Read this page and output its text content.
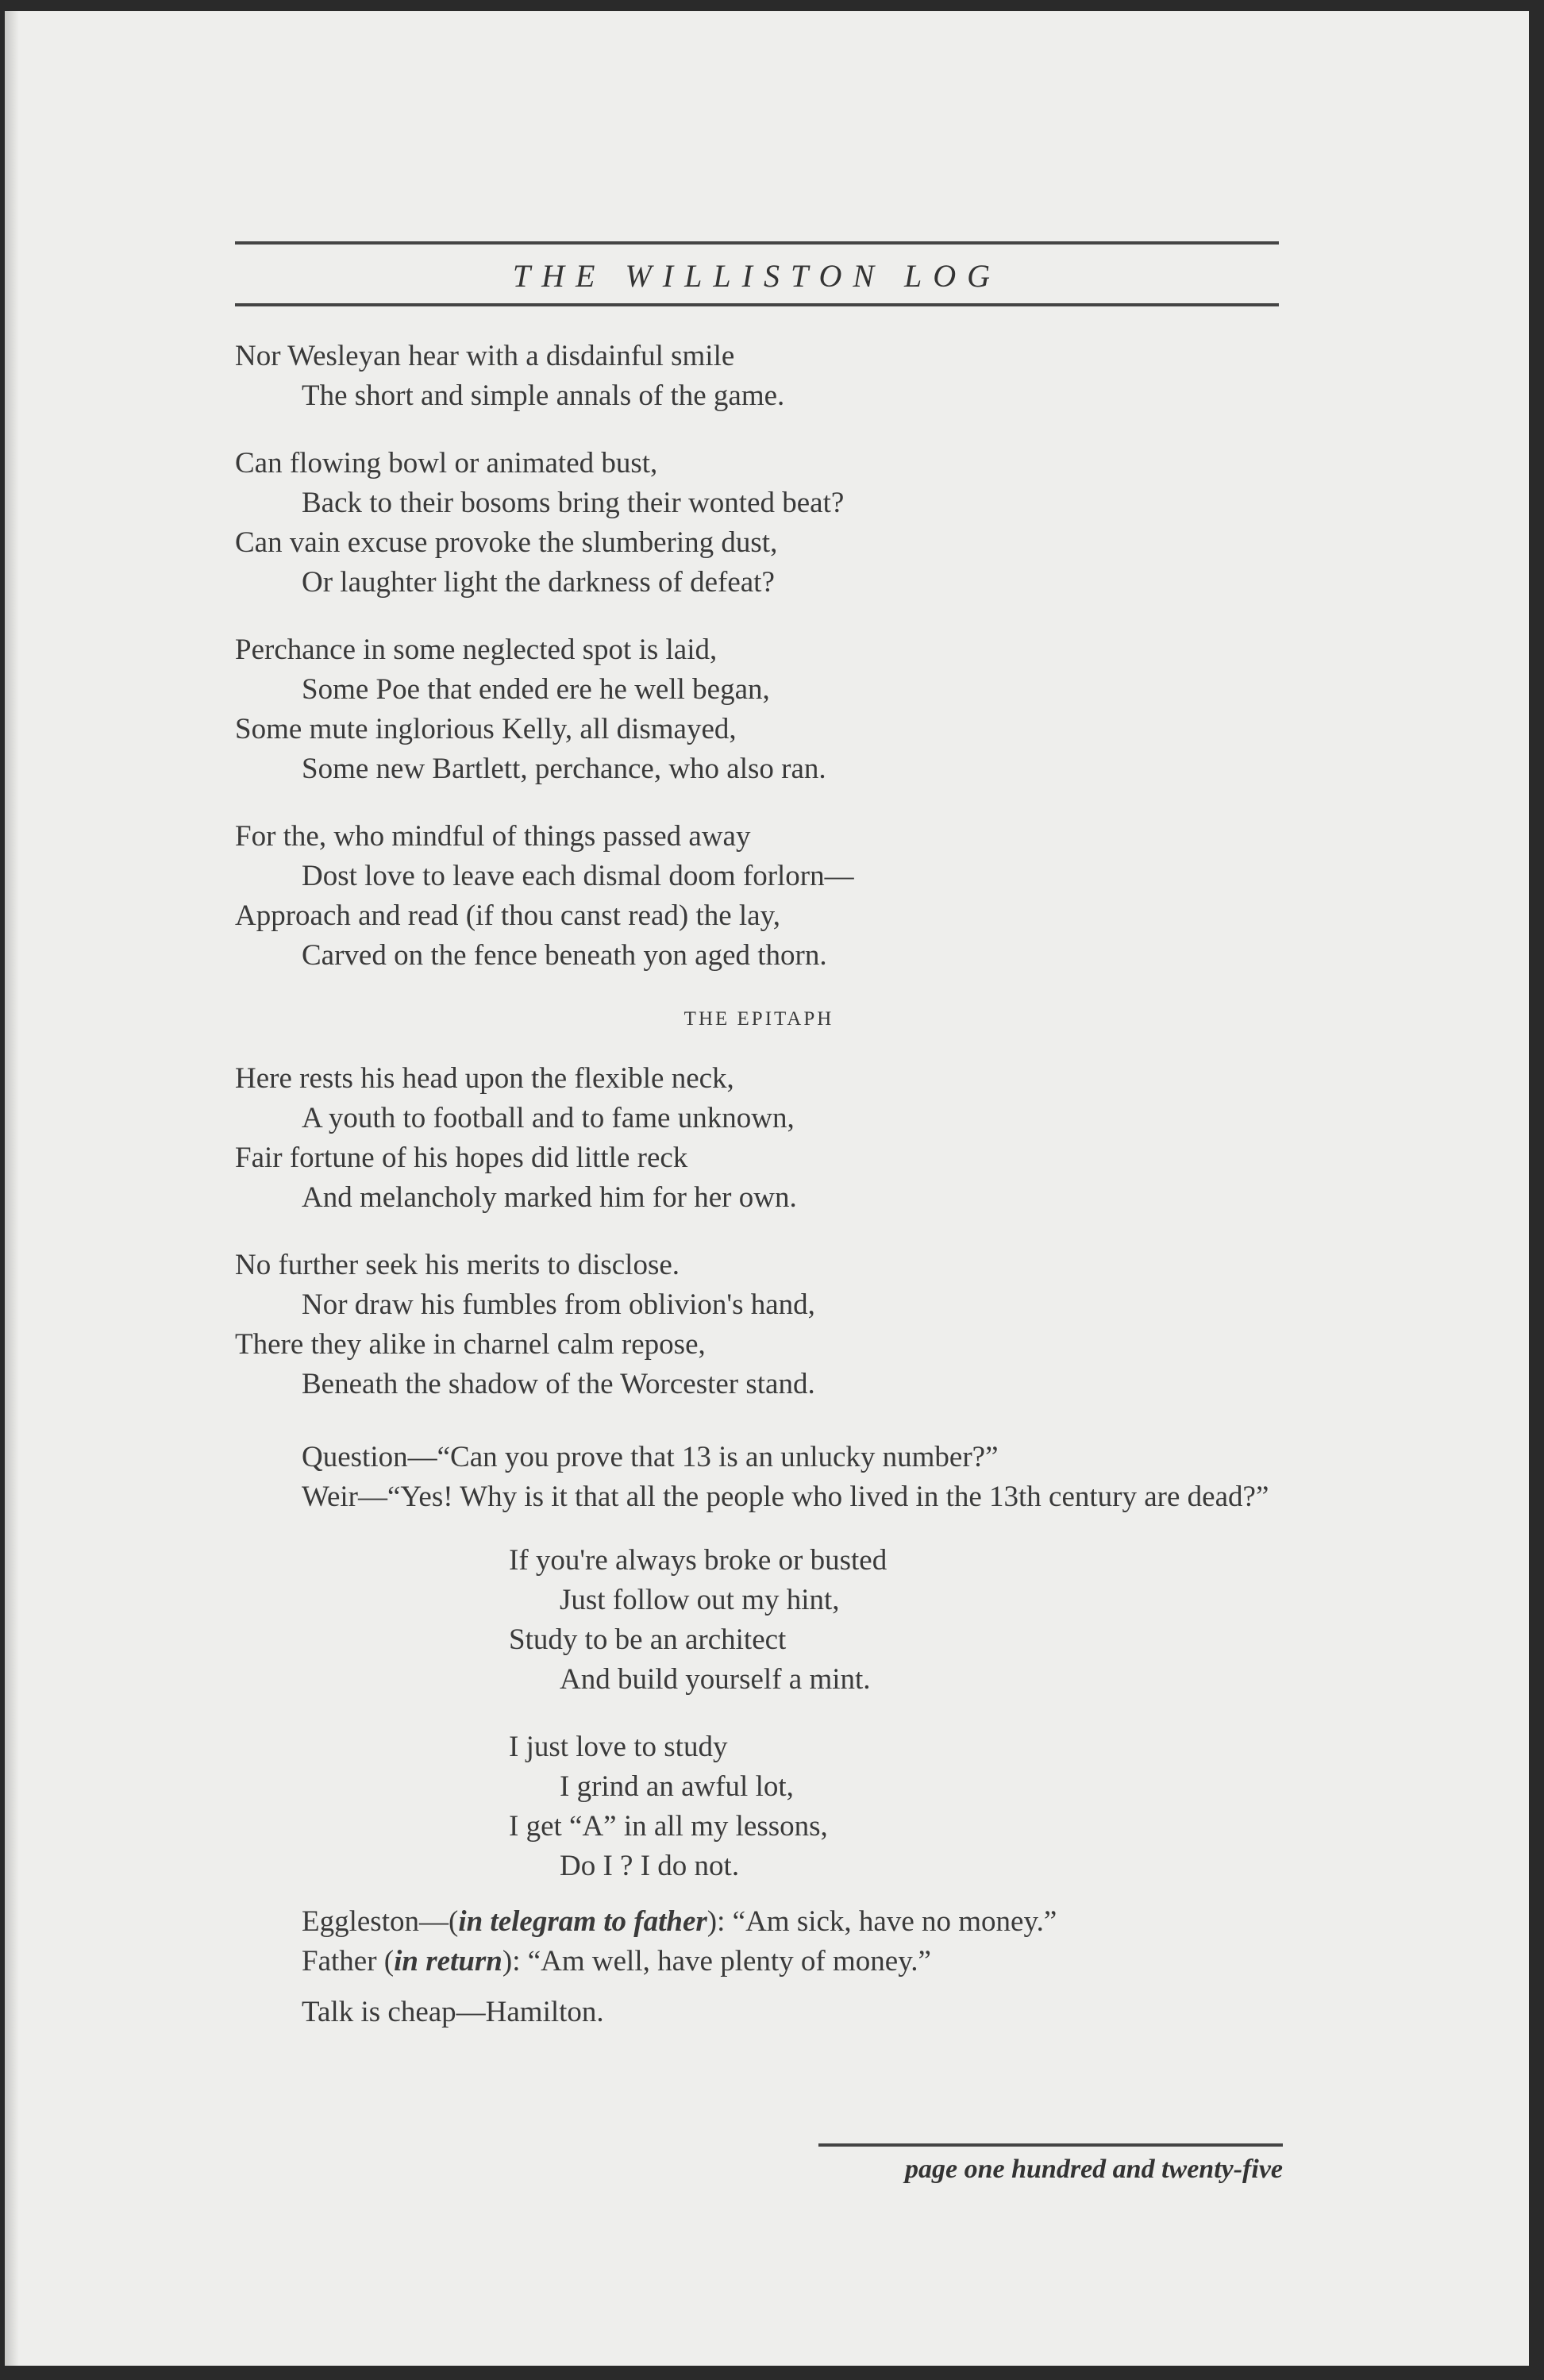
THE WILLISTON LOG
Nor Wesleyan hear with a disdainful smile
The short and simple annals of the game.
Can flowing bowl or animated bust,
Back to their bosoms bring their wonted beat?
Can vain excuse provoke the slumbering dust,
Or laughter light the darkness of defeat?
Perchance in some neglected spot is laid,
Some Poe that ended ere he well began,
Some mute inglorious Kelly, all dismayed,
Some new Bartlett, perchance, who also ran.
For the, who mindful of things passed away
Dost love to leave each dismal doom forlorn—
Approach and read (if thou canst read) the lay,
Carved on the fence beneath yon aged thorn.
THE EPITAPH
Here rests his head upon the flexible neck,
A youth to football and to fame unknown,
Fair fortune of his hopes did little reck
And melancholy marked him for her own.
No further seek his merits to disclose.
Nor draw his fumbles from oblivion's hand,
There they alike in charnel calm repose,
Beneath the shadow of the Worcester stand.
Question—“Can you prove that 13 is an unlucky number?”
Weir—“Yes! Why is it that all the people who lived in the 13th century are dead?”
If you're always broke or busted
Just follow out my hint,
Study to be an architect
And build yourself a mint.
I just love to study
I grind an awful lot,
I get “A” in all my lessons,
Do I ? I do not.
Eggleston—(in telegram to father): “Am sick, have no money.”
Father (in return): “Am well, have plenty of money.”
Talk is cheap—Hamilton.
page one hundred and twenty-five
